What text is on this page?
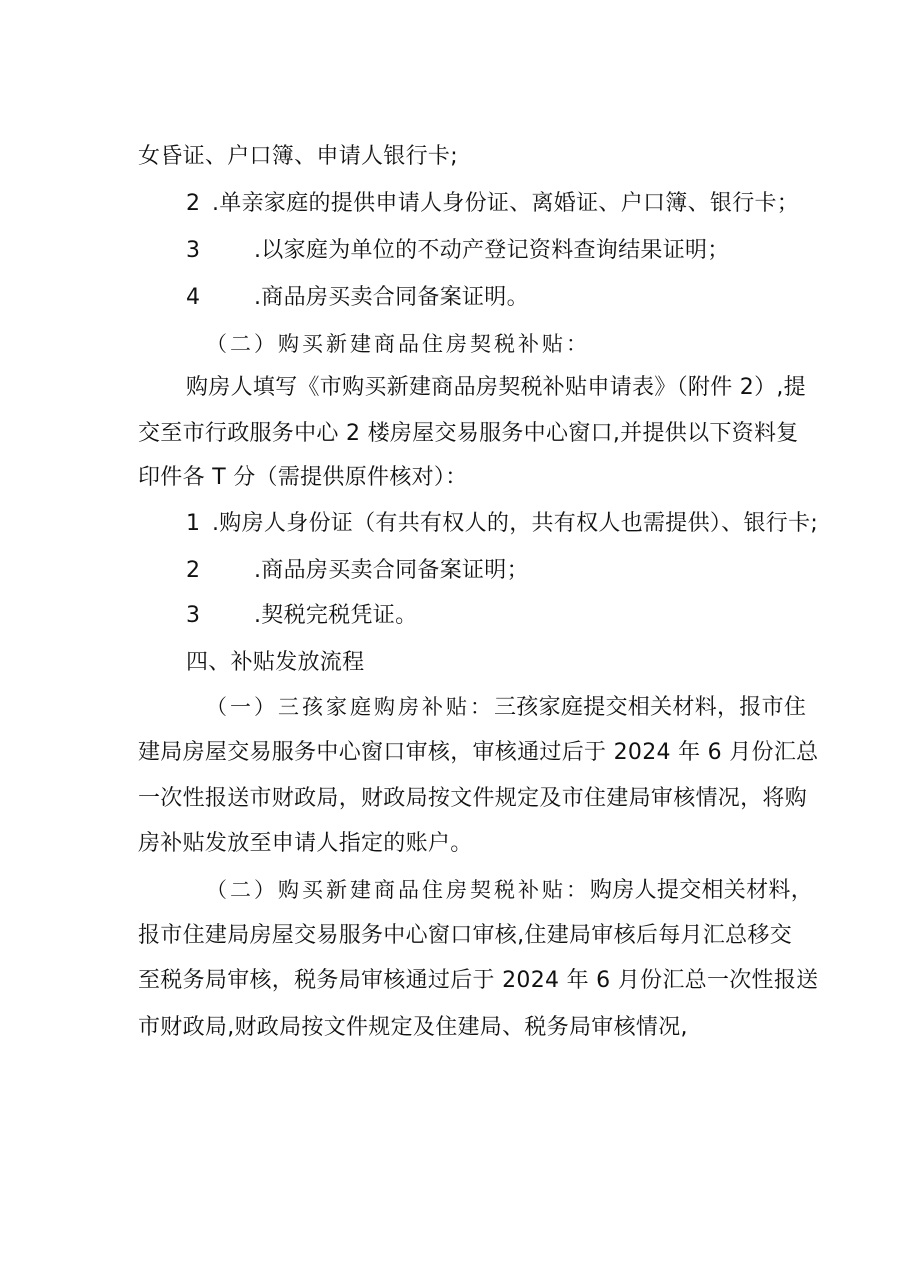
女昏证、户口簿、申请人银行卡;
2 .单亲家庭的提供申请人身份证、离婚证、户口簿、银行卡；
3 .以家庭为单位的不动产登记资料查询结果证明；
4 .商品房买卖合同备案证明。
（二）购买新建商品住房契税补贴：
购房人填写《市购买新建商品房契税补贴申请表》（附件 2）,提
交至市行政服务中心 2 楼房屋交易服务中心窗口,并提供以下资料复
印件各 T 分（需提供原件核对）：
1 .购房人身份证（有共有权人的，共有权人也需提供）、银行卡;
2 .商品房买卖合同备案证明；
3 .契税完税凭证。
四、补贴发放流程
（一）三孩家庭购房补贴：三孩家庭提交相关材料，报市住
建局房屋交易服务中心窗口审核，审核通过后于 2024 年 6 月份汇总
一次性报送市财政局，财政局按文件规定及市住建局审核情况，将购
房补贴发放至申请人指定的账户。
（二）购买新建商品住房契税补贴：购房人提交相关材料，
报市住建局房屋交易服务中心窗口审核,住建局审核后每月汇总移交
至税务局审核，税务局审核通过后于 2024 年 6 月份汇总一次性报送
市财政局,财政局按文件规定及住建局、税务局审核情况,
